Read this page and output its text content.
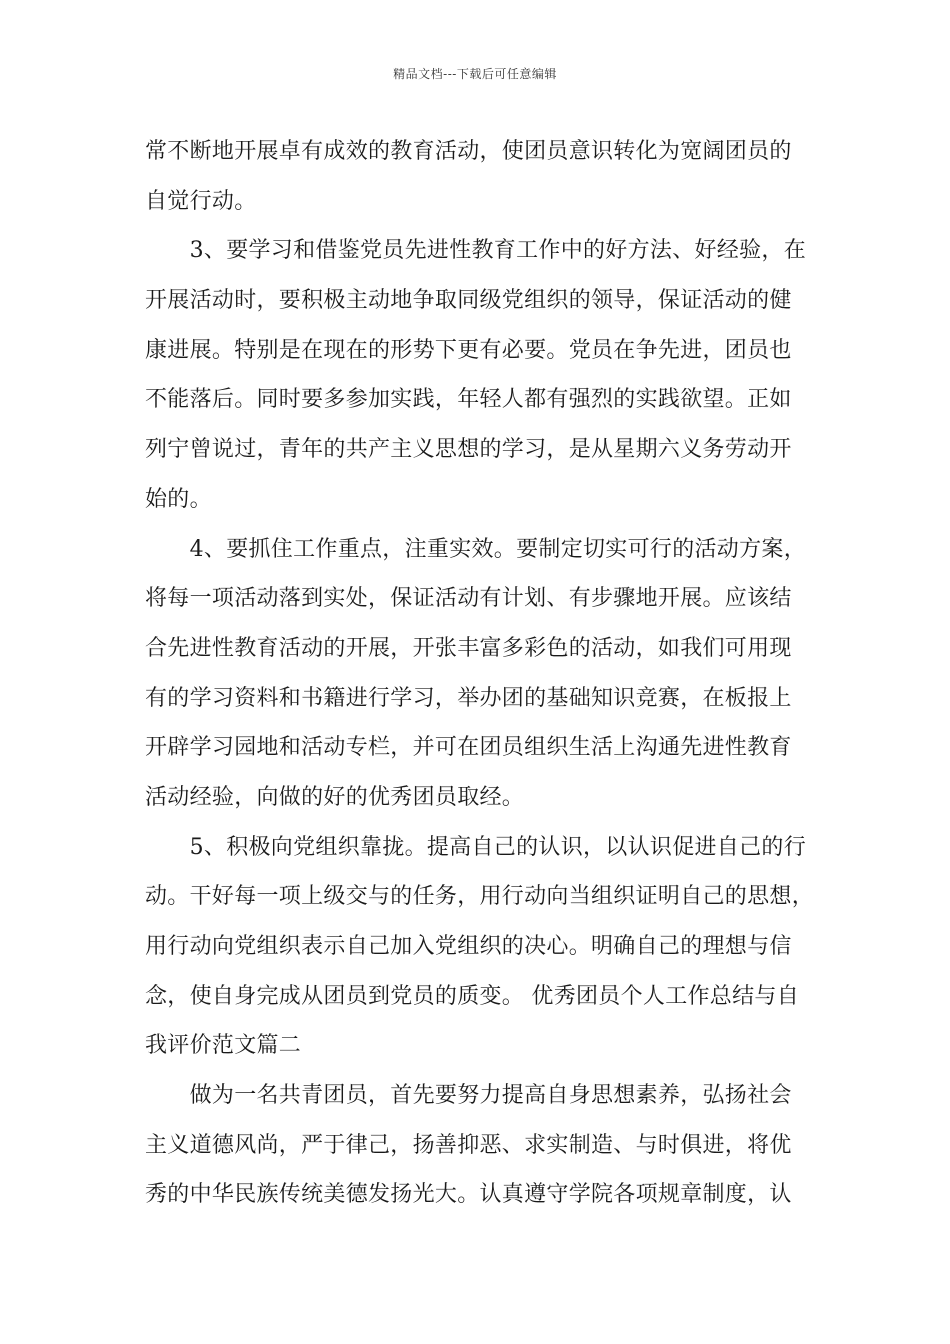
精品文档---下载后可任意编辑
常不断地开展卓有成效的教育活动，使团员意识转化为宽阔团员的
自觉行动。
　　3、要学习和借鉴党员先进性教育工作中的好方法、好经验，在
开展活动时，要积极主动地争取同级党组织的领导，保证活动的健
康进展。特别是在现在的形势下更有必要。党员在争先进，团员也
不能落后。同时要多参加实践，年轻人都有强烈的实践欲望。正如
列宁曾说过，青年的共产主义思想的学习，是从星期六义务劳动开
始的。
　　4、要抓住工作重点，注重实效。要制定切实可行的活动方案，
将每一项活动落到实处，保证活动有计划、有步骤地开展。应该结
合先进性教育活动的开展，开张丰富多彩色的活动，如我们可用现
有的学习资料和书籍进行学习，举办团的基础知识竞赛，在板报上
开辟学习园地和活动专栏，并可在团员组织生活上沟通先进性教育
活动经验，向做的好的优秀团员取经。
　　5、积极向党组织靠拢。提高自己的认识，以认识促进自己的行
动。干好每一项上级交与的任务，用行动向当组织证明自己的思想，
用行动向党组织表示自己加入党组织的决心。明确自己的理想与信
念，使自身完成从团员到党员的质变。 优秀团员个人工作总结与自
我评价范文篇二
　　做为一名共青团员，首先要努力提高自身思想素养，弘扬社会
主义道德风尚，严于律己，扬善抑恶、求实制造、与时俱进，将优
秀的中华民族传统美德发扬光大。认真遵守学院各项规章制度，认
